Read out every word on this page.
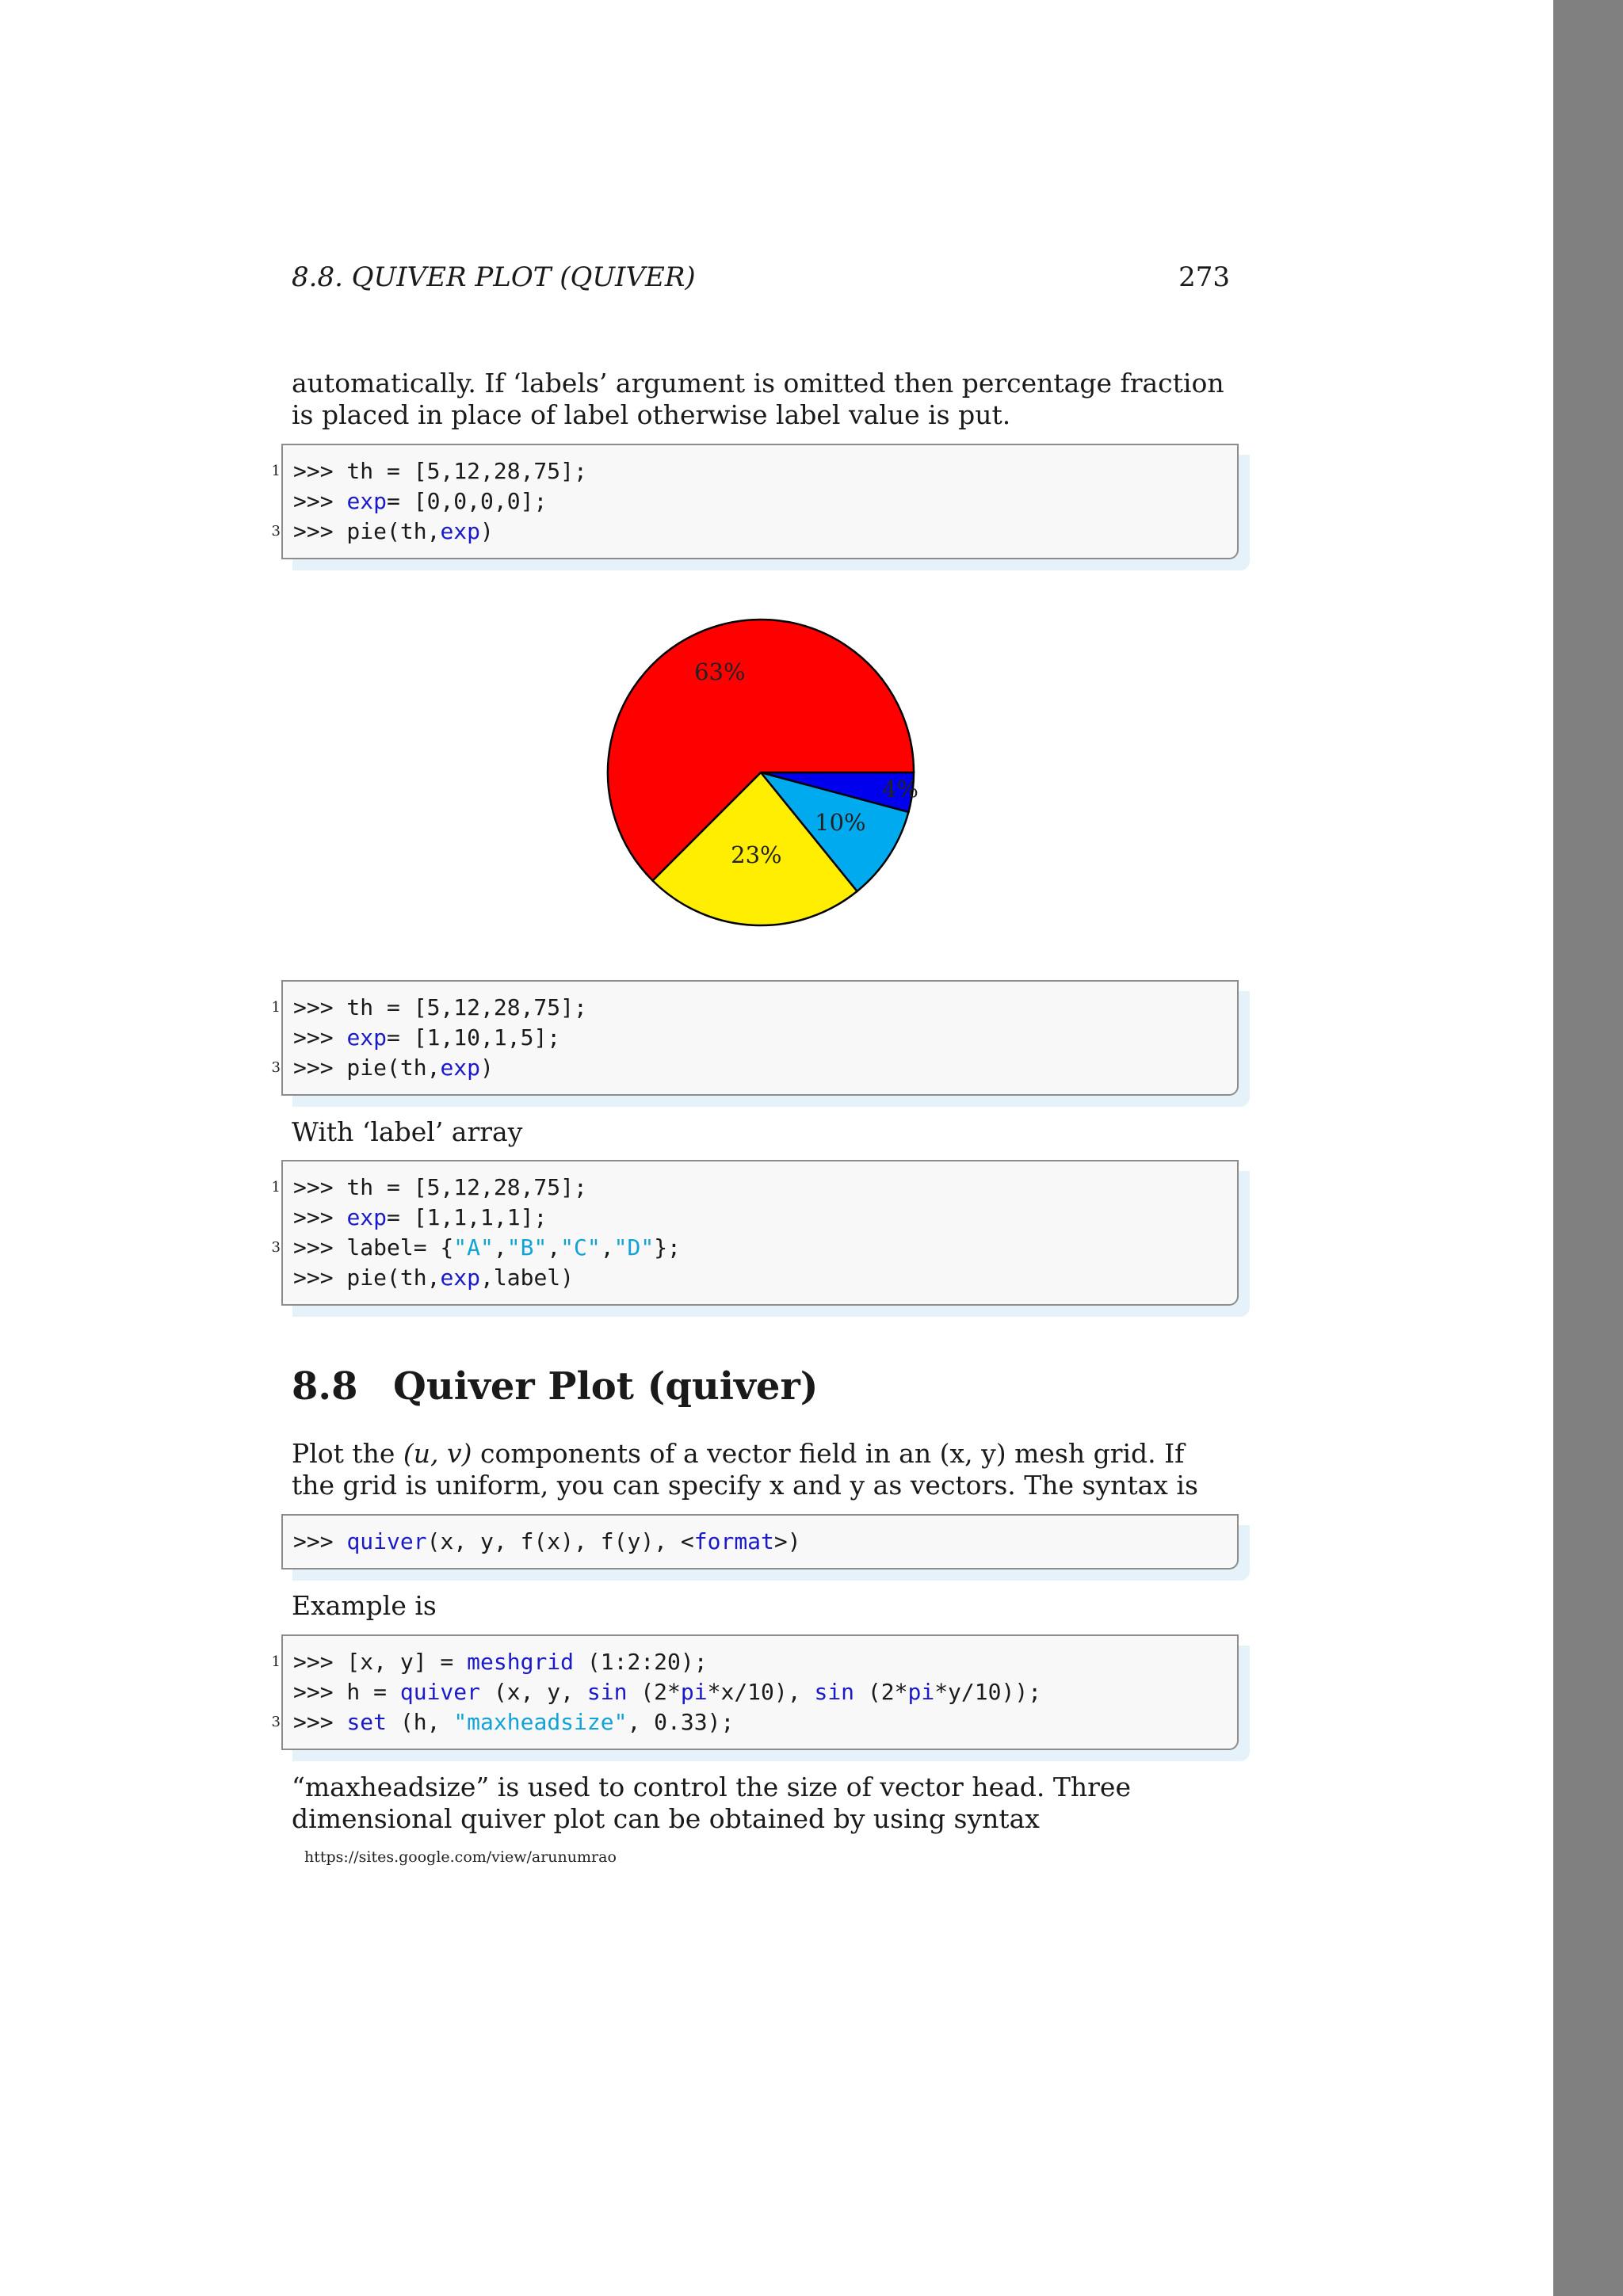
8.8. QUIVER PLOT (QUIVER)	273

automatically. If ‘labels’ argument is omitted then percentage fraction is placed in place of label otherwise label value is put.

1 >>> th = [5,12,28,75];
>>> exp= [0,0,0,0];
3 >>> pie(th,exp)
4%
10%
23%
63%
1 >>> th = [5,12,28,75];
>>> exp= [1,10,1,5];
3 >>> pie(th,exp)

With ‘label’ array

1 >>> th = [5,12,28,75];
>>> exp= [1,1,1,1];
3 >>> label= {"A","B","C","D"};
>>> pie(th,exp,label)
8.8 Quiver Plot (quiver)

Plot the (u, v) components of a vector field in an (x, y) mesh grid. If the grid is uniform, you can specify x and y as vectors. The syntax is

>>> quiver(x, y, f(x), f(y), <format>)

Example is

1 >>> [x, y] = meshgrid (1:2:20);
>>> h = quiver (x, y, sin (2*pi*x/10), sin (2*pi*y/10));
3 >>> set (h, "maxheadsize", 0.33);

“maxheadsize” is used to control the size of vector head. Three dimensional quiver plot can be obtained by using syntax

https://sites.google.com/view/arunumrao
